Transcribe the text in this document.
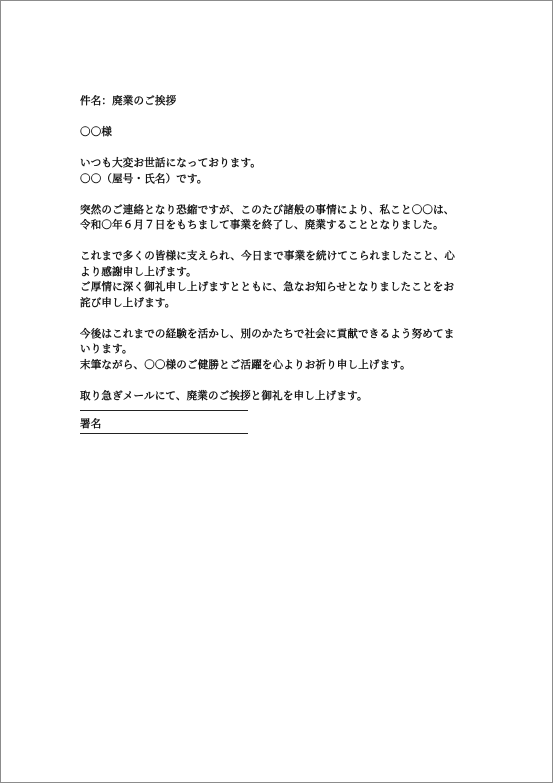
件名：廃業のご挨拶
〇〇様
いつも大変お世話になっております。
〇〇（屋号・氏名）です。
突然のご連絡となり恐縮ですが、このたび諸般の事情により、私こと〇〇は、
令和〇年６月７日をもちまして事業を終了し、廃業することとなりました。
これまで多くの皆様に支えられ、今日まで事業を続けてこられましたこと、心
より感謝申し上げます。
ご厚情に深く御礼申し上げますとともに、急なお知らせとなりましたことをお
詫び申し上げます。
今後はこれまでの経験を活かし、別のかたちで社会に貢献できるよう努めてま
いります。
末筆ながら、〇〇様のご健勝とご活躍を心よりお祈り申し上げます。
取り急ぎメールにて、廃業のご挨拶と御礼を申し上げます。
署名
